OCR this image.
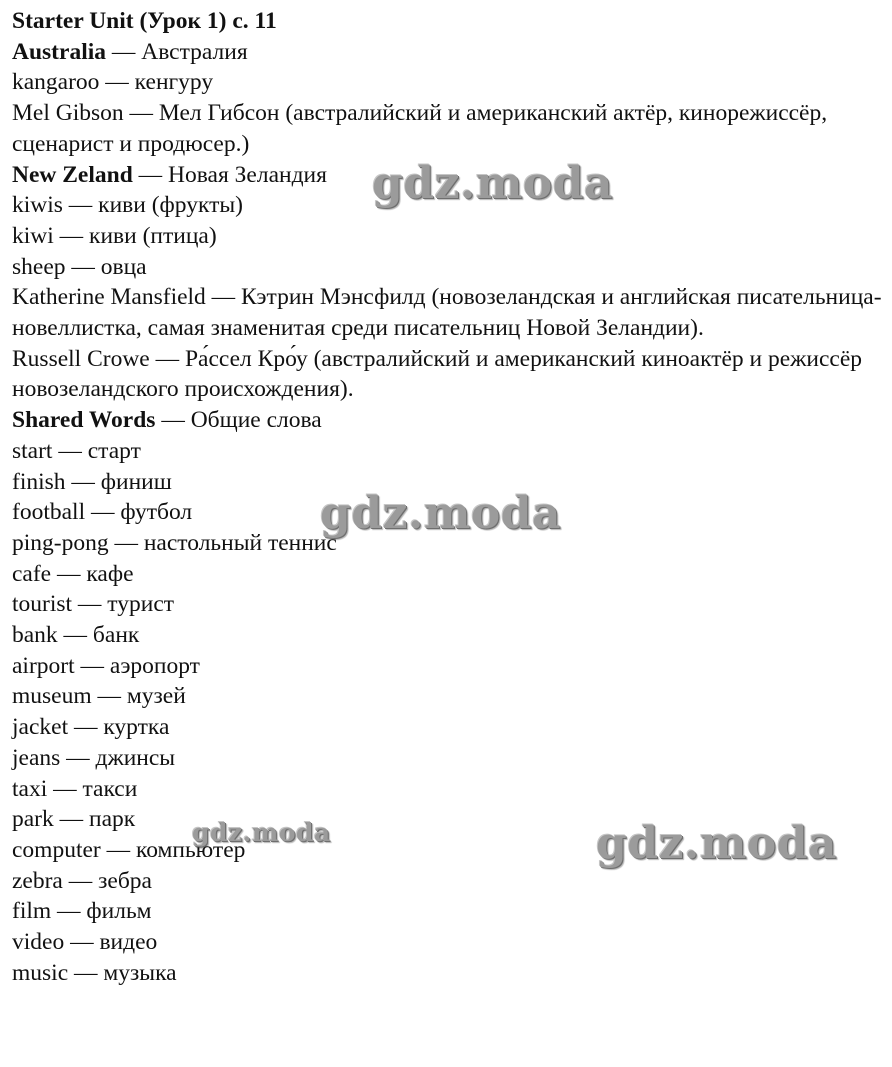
Starter Unit (Урок 1) с. 11
Australia — Австралия
kangaroo — кенгуру
Mel Gibson — Мел Гибсон (австралийский и американский актёр, кинорежиссёр, сценарист и продюсер.)
New Zeland — Новая Зеландия
kiwis — киви (фрукты)
kiwi — киви (птица)
sheep — овца
Katherine Mansfield — Кэтрин Мэнсфилд (новозеландская и английская писательница-новеллистка, самая знаменитая среди писательниц Новой Зеландии).
Russell Crowe — Ра́ссел Кро́у (австралийский и американский киноактёр и режиссёр новозеландского происхождения).
Shared Words — Общие слова
start — старт
finish — финиш
football — футбол
ping-pong — настольный теннис
cafe — кафе
tourist — турист
bank — банк
airport — аэропорт
museum — музей
jacket — куртка
jeans — джинсы
taxi — такси
park — парк
computer — компьютер
zebra — зебра
film — фильм
video — видео
music — музыка
gdz.moda
gdz.moda
gdz.moda	gdz.moda
